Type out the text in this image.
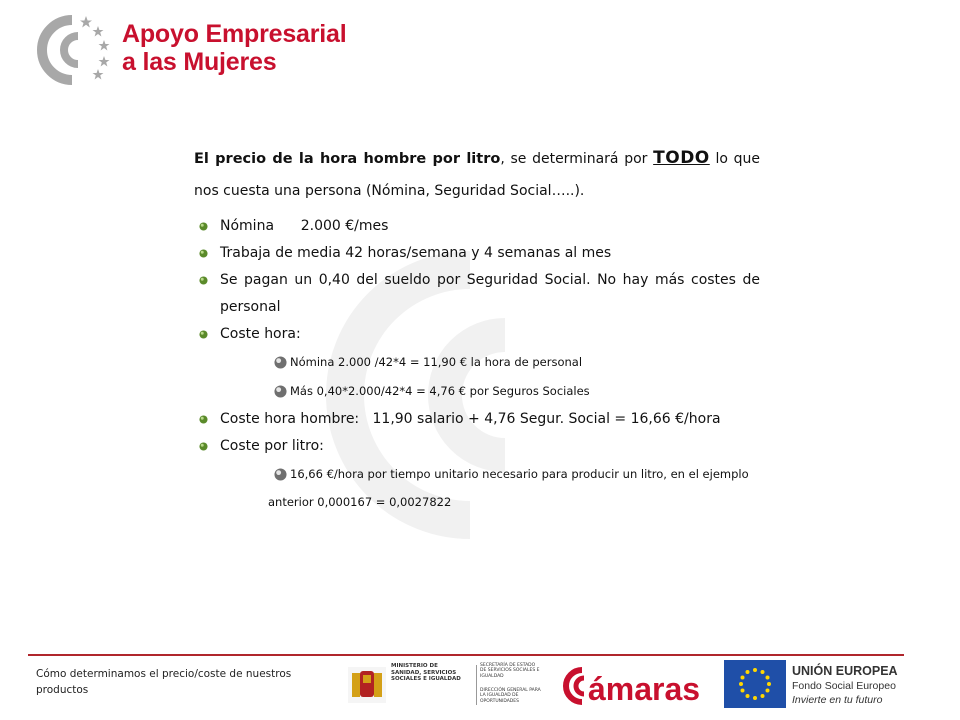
Apoyo Empresarial
a las Mujeres

El precio de la hora hombre por litro, se determinará por TODO lo que nos cuesta una persona (Nómina, Seguridad Social…..).

Nómina      2.000 €/mes
Trabaja de media 42 horas/semana y 4 semanas al mes
Se pagan un 0,40 del sueldo por Seguridad Social. No hay más costes de personal
Coste hora:
Nómina 2.000 /42*4 = 11,90 € la hora de personal
Más 0,40*2.000/42*4 = 4,76 € por Seguros Sociales
Coste hora hombre:   11,90 salario + 4,76 Segur. Social = 16,66 €/hora
Coste por litro:
16,66 €/hora por tiempo unitario necesario para producir un litro, en el ejemplo
anterior 0,000167 = 0,0027822
Cómo determinamos el precio/coste de nuestros productos
MINISTERIO DE SANIDAD, SERVICIOS SOCIALES E IGUALDAD
SECRETARÍA DE ESTADO DE SERVICIOS SOCIALES E IGUALDAD
DIRECCIÓN GENERAL PARA LA IGUALDAD DE OPORTUNIDADES	ámaras	UNIÓN EUROPEA
Fondo Social Europeo
Invierte en tu futuro
